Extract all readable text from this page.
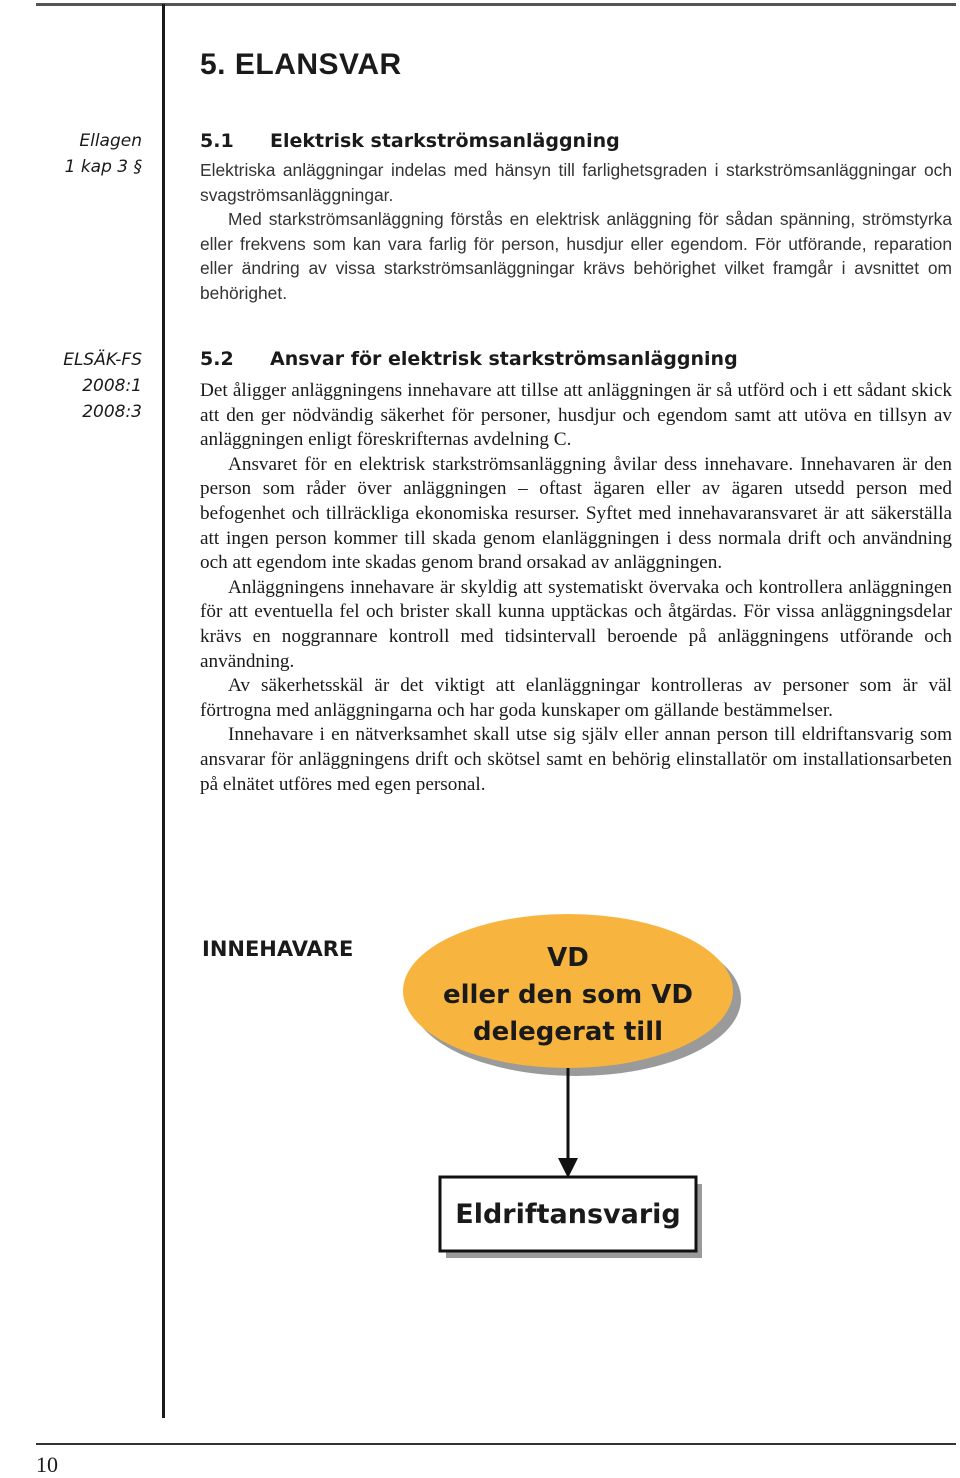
5. ELANSVAR
Ellagen
1 kap 3 §
5.1 Elektrisk starkströmsanläggning

Elektriska anläggningar indelas med hänsyn till farlighetsgraden i starkströmsanläggningar och svagströmsanläggningar.

Med starkströmsanläggning förstås en elektrisk anläggning för sådan spänning, strömstyrka eller frekvens som kan vara farlig för person, husdjur eller egendom. För utförande, reparation eller ändring av vissa starkströmsanläggningar krävs behörighet vilket framgår i avsnittet om behörighet.

ELSÄK-FS 2008:1
2008:3
5.2 Ansvar för elektrisk starkströmsanläggning

Det åligger anläggningens innehavare att tillse att anläggningen är så utförd och i ett sådant skick att den ger nödvändig säkerhet för personer, husdjur och egendom samt att utöva en tillsyn av anläggningen enligt föreskrifternas avdelning C.

Ansvaret för en elektrisk starkströmsanläggning åvilar dess innehavare. Innehavaren är den person som råder över anläggningen – oftast ägaren eller av ägaren utsedd person med befogenhet och tillräckliga ekonomiska resurser. Syftet med innehavaransvaret är att säkerställa att ingen person kommer till skada genom elanläggningen i dess normala drift och användning och att egendom inte skadas genom brand orsakad av anläggningen.

Anläggningens innehavare är skyldig att systematiskt övervaka och kontrollera anläggningen för att eventuella fel och brister skall kunna upptäckas och åtgärdas. För vissa anläggningsdelar krävs en noggrannare kontroll med tidsintervall beroende på anläggningens utförande och användning.

Av säkerhetsskäl är det viktigt att elanläggningar kontrolleras av personer som är väl förtrogna med anläggningarna och har goda kunskaper om gällande bestämmelser.

Innehavare i en nätverksamhet skall utse sig själv eller annan person till eldriftansvarig som ansvarar för anläggningens drift och skötsel samt en behörig elinstallatör om installationsarbeten på elnätet utföres med egen personal.

INNEHAVARE	VD
eller den som VD
delegerat till
Eldriftansvarig
10
